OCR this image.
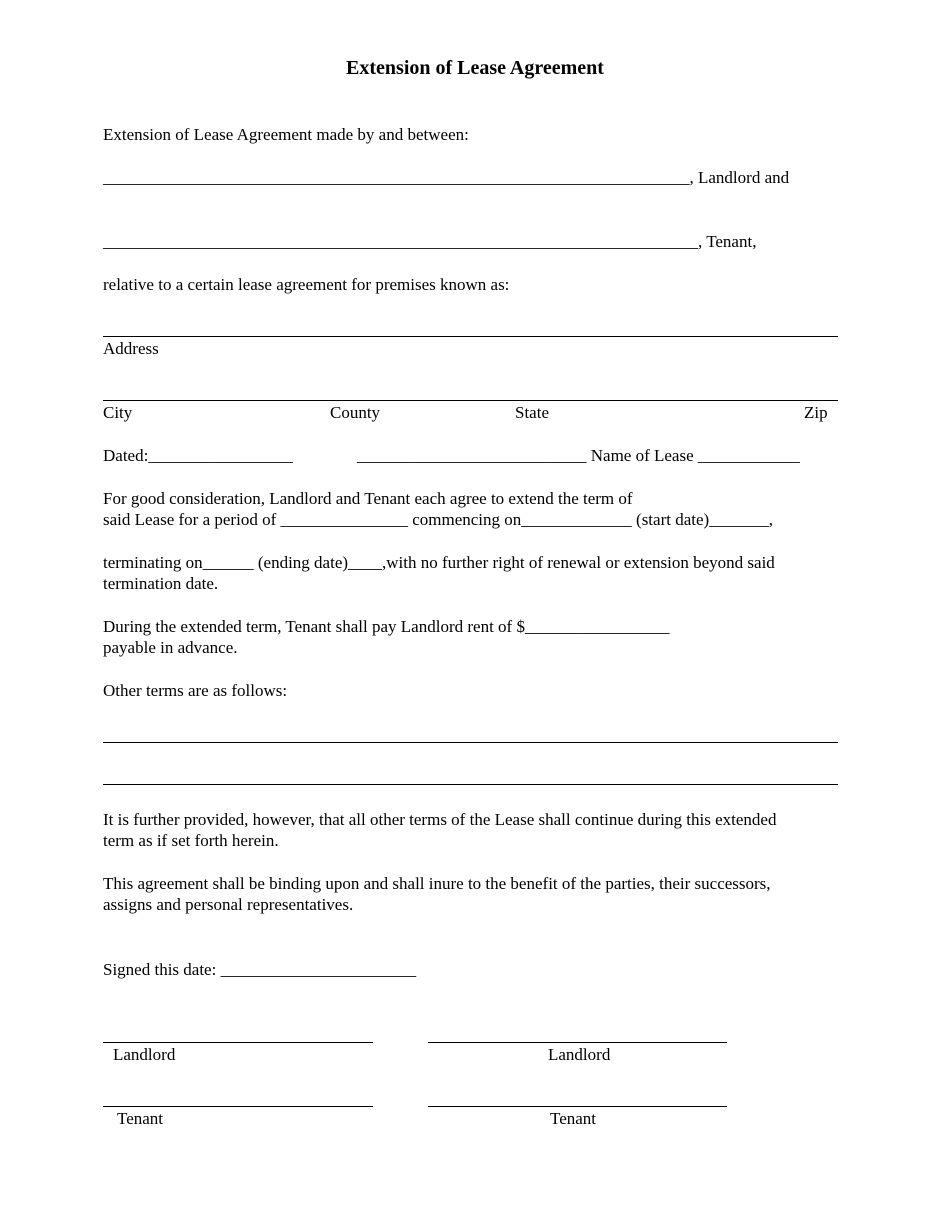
Extension of Lease Agreement
Extension of Lease Agreement made by and between:
_____________________________________________________________________, Landlord and
______________________________________________________________________, Tenant,
relative to a certain lease agreement for premises known as:
Address
City	County	State	Zip
Dated:_________________	___________________________ Name of Lease ____________
For good consideration, Landlord and Tenant each agree to extend the term of
said Lease for a period of _______________ commencing on_____________ (start date)_______,
terminating on______ (ending date)____,with no further right of renewal or extension beyond said
termination date.
During the extended term, Tenant shall pay Landlord rent of $_________________
payable in advance.
Other terms are as follows:
It is further provided, however, that all other terms of the Lease shall continue during this extended
term as if set forth herein.
This agreement shall be binding upon and shall inure to the benefit of the parties, their successors,
assigns and personal representatives.
Signed this date: _______________________
Landlord	Landlord
Tenant	Tenant
